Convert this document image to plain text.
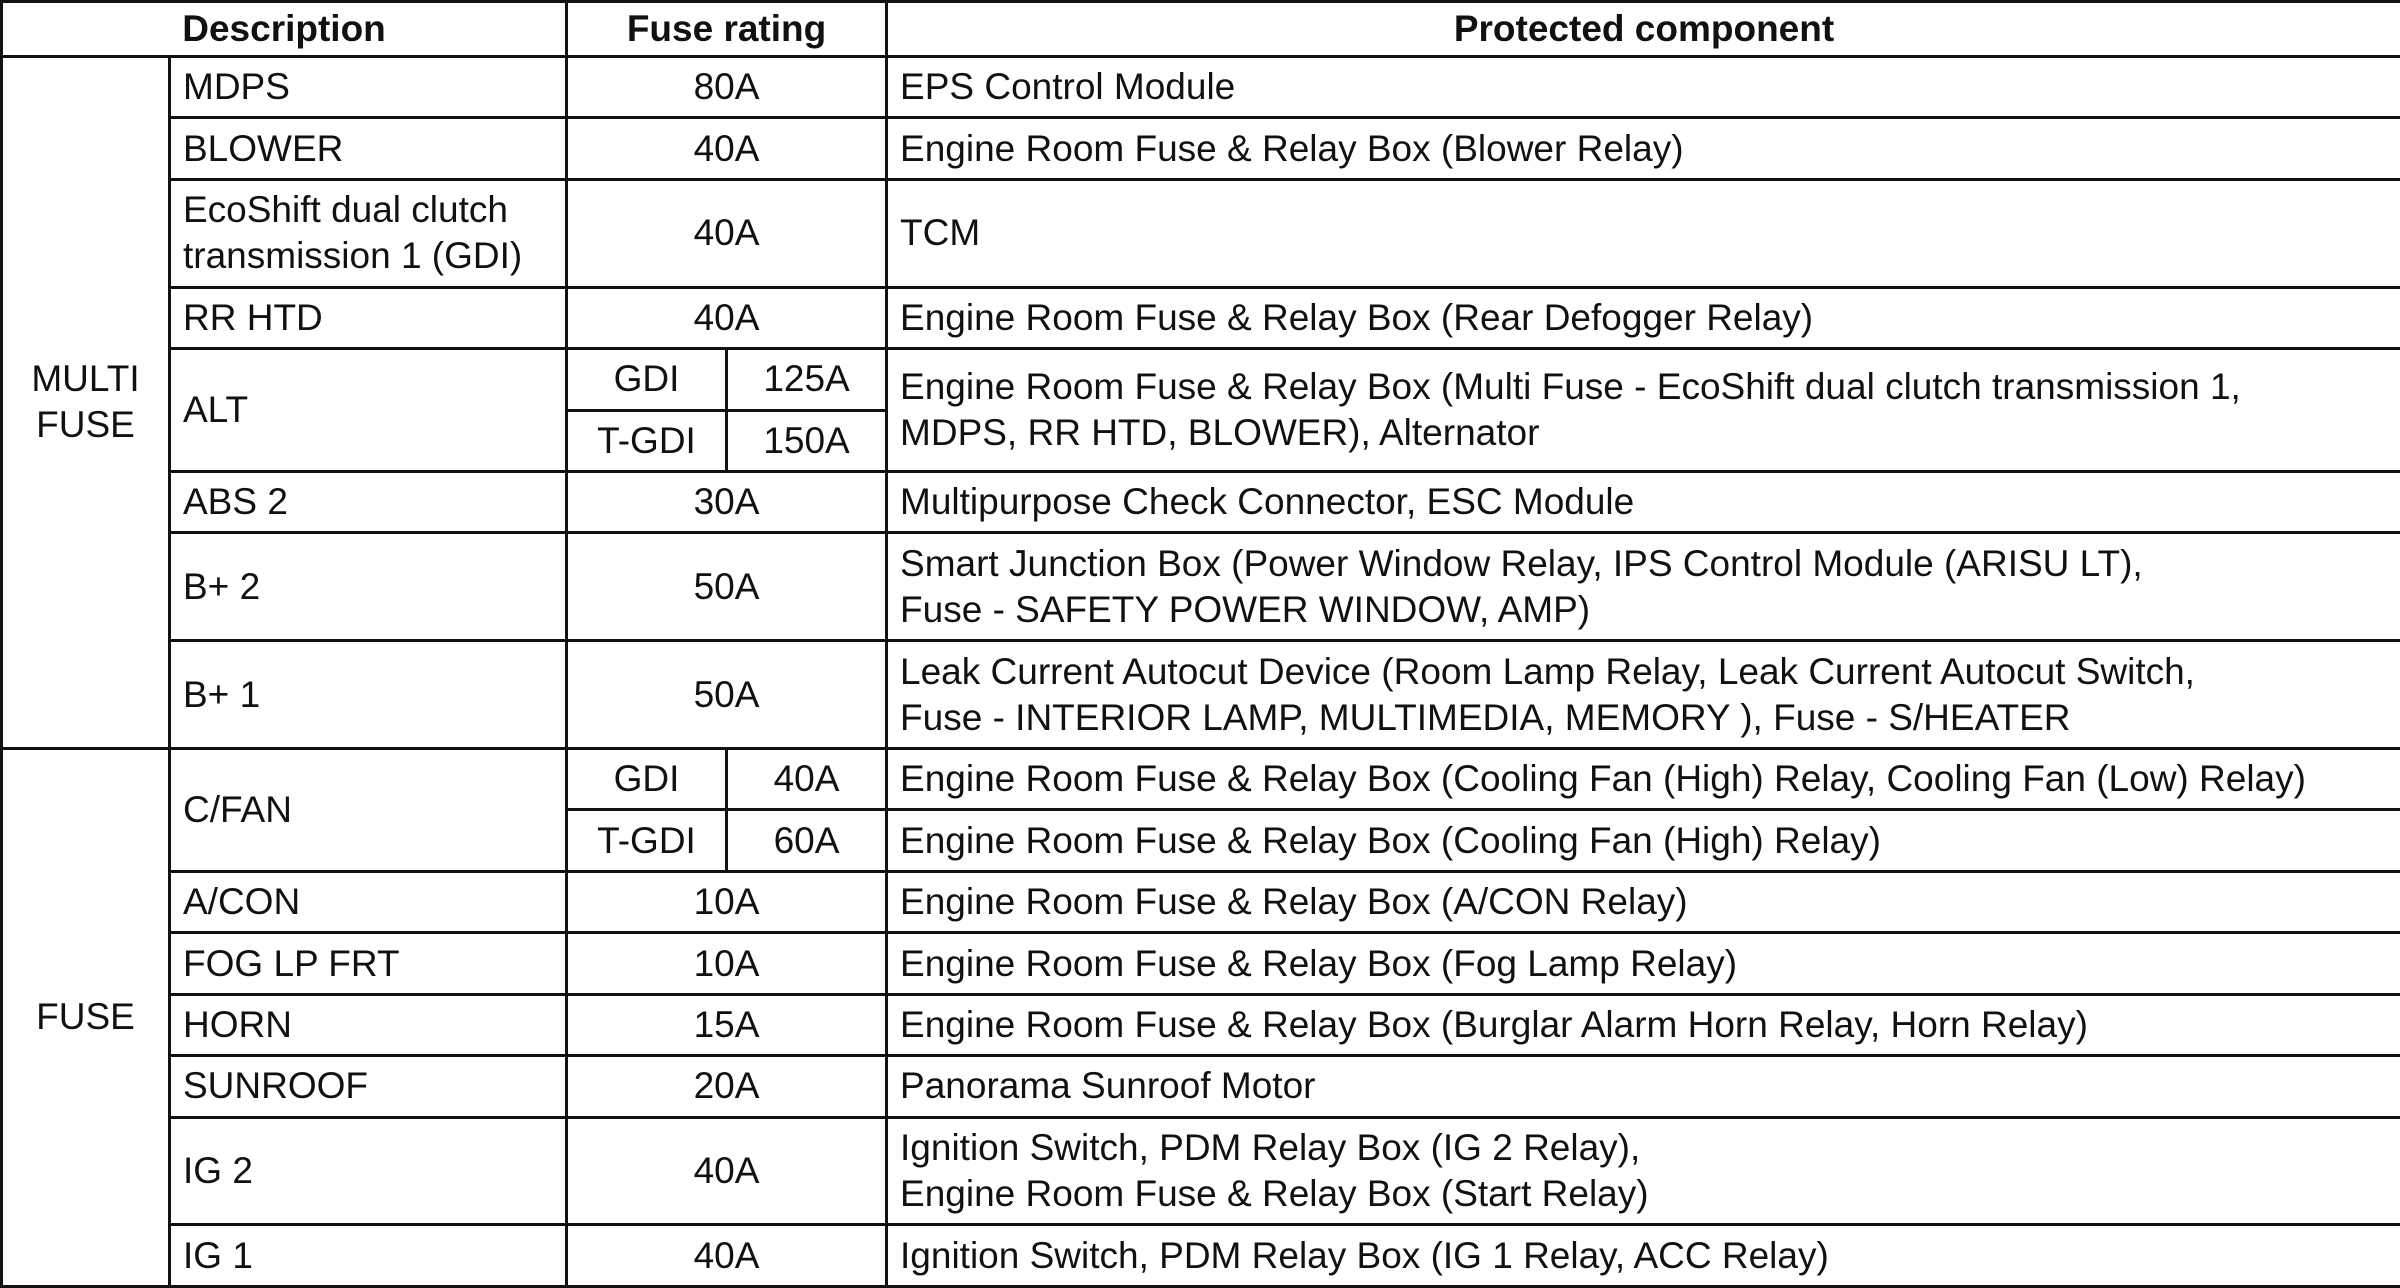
Description		Fuse rating		Protected component
MULTI
FUSE	MDPS	80A		EPS Control Module
	BLOWER	40A		Engine Room Fuse & Relay Box (Blower Relay)
	EcoShift dual clutch
transmission 1 (GDI)	40A		TCM
	RR HTD	40A		Engine Room Fuse & Relay Box (Rear Defogger Relay)
	ALT	GDI	125A	Engine Room Fuse & Relay Box (Multi Fuse - EcoShift dual clutch transmission 1,
MDPS, RR HTD, BLOWER), Alternator
		T-GDI	150A	
	ABS 2	30A		Multipurpose Check Connector, ESC Module
	B+ 2	50A		Smart Junction Box (Power Window Relay, IPS Control Module (ARISU LT),
Fuse - SAFETY POWER WINDOW, AMP)
	B+ 1	50A		Leak Current Autocut Device (Room Lamp Relay, Leak Current Autocut Switch,
Fuse - INTERIOR LAMP, MULTIMEDIA, MEMORY ), Fuse - S/HEATER
FUSE	C/FAN	GDI	40A	Engine Room Fuse & Relay Box (Cooling Fan (High) Relay, Cooling Fan (Low) Relay)
		T-GDI	60A	Engine Room Fuse & Relay Box (Cooling Fan (High) Relay)
	A/CON	10A		Engine Room Fuse & Relay Box (A/CON Relay)
	FOG LP FRT	10A		Engine Room Fuse & Relay Box (Fog Lamp Relay)
	HORN	15A		Engine Room Fuse & Relay Box (Burglar Alarm Horn Relay, Horn Relay)
	SUNROOF	20A		Panorama Sunroof Motor
	IG 2	40A		Ignition Switch, PDM Relay Box (IG 2 Relay),
Engine Room Fuse & Relay Box (Start Relay)
	IG 1	40A		Ignition Switch, PDM Relay Box (IG 1 Relay, ACC Relay)
